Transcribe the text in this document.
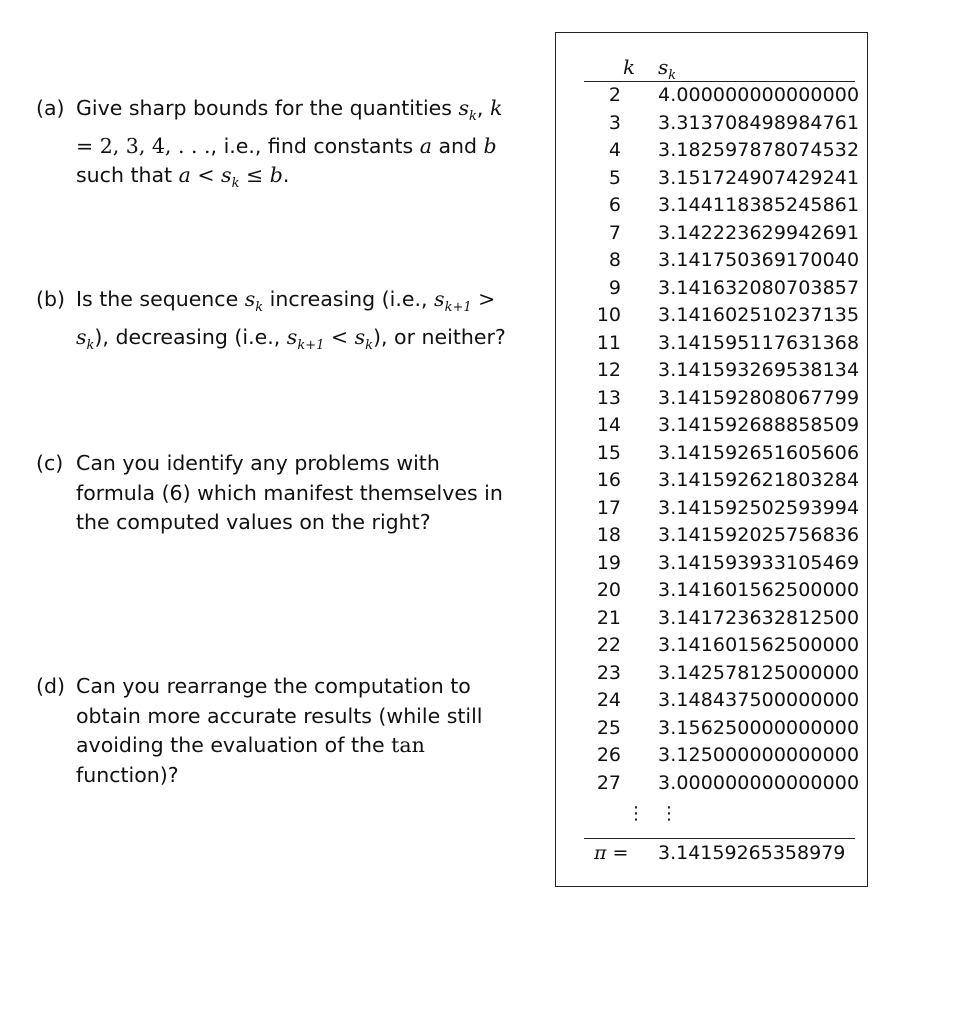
(a) Give sharp bounds for the quantities $s_k$, k = 2, 3, 4, . . ., i.e., find constants a and b such that $a < s_k \le b$.
(b) Is the sequence $s_k$ increasing (i.e., $s_{k+1} > s_k$), decreasing (i.e., $s_{k+1} < s_k$), or neither?
(c) Can you identify any problems with formula (6) which manifest themselves in the computed values on the right?
(d) Can you rearrange the computation to obtain more accurate results (while still avoiding the evaluation of the tan function)?
k $s_k$
2 4.000000000000000
3 3.313708498984761
4 3.182597878074532
5 3.151724907429241
6 3.144118385245861
7 3.142223629942691
8 3.141750369170040
9 3.141632080703857
10 3.141602510237135
11 3.141595117631368
12 3.141593269538134
13 3.141592808067799
14 3.141592688858509
15 3.141592651605606
16 3.141592621803284
17 3.141592502593994
18 3.141592025756836
19 3.141593933105469
20 3.141601562500000
21 3.141723632812500
22 3.141601562500000
23 3.142578125000000
24 3.148437500000000
25 3.156250000000000
26 3.125000000000000
27 3.000000000000000
⋮ ⋮
π = 3.14159265358979
